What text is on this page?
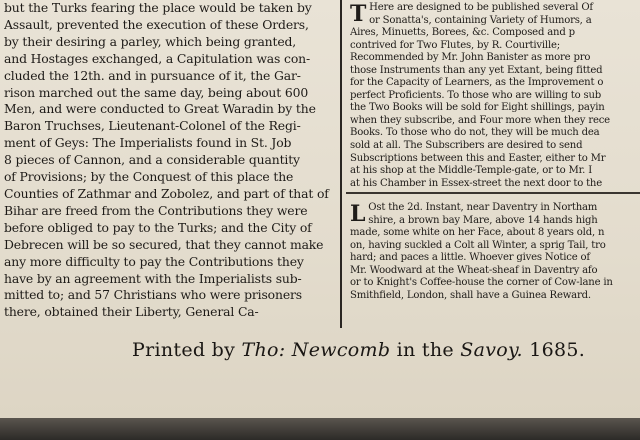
but the Turks fearing the place would be taken by
Assault, prevented the execution of these Orders,
by their desiring a parley, which being granted,
and Hostages exchanged, a Capitulation was con-
cluded the 12th. and in pursuance of it, the Gar-
rison marched out the same day, being about 600
Men, and were conducted to Great Waradin by the
Baron Truchses, Lieutenant-Colonel of the Regi-
ment of Geys: The Imperialists found in St. Job
8 pieces of Cannon, and a considerable quantity
of Provisions; by the Conquest of this place the
Counties of Zathmar and Zobolez, and part of that of
Bihar are freed from the Contributions they were
before obliged to pay to the Turks; and the City of
Debrecen will be so secured, that they cannot make
any more difficulty to pay the Contributions they
have by an agreement with the Imperialists sub-
mitted to; and 57 Christians who were prisoners
there, obtained their Liberty, General Ca-
T Here are designed to be published several Of
or Sonatta's, containing Variety of Humors, a
Aires, Minuetts, Borees, &c. Composed and p
contrived for Two Flutes, by R. Courtiville;
Recommended by Mr. John Banister as more pro
those Instruments than any yet Extant, being fitted
for the Capacity of Learners, as the Improvement o
perfect Proficients. To those who are willing to sub
the Two Books will be sold for Eight shillings, payin
when they subscribe, and Four more when they rece
Books. To those who do not, they will be much dea
sold at all. The Subscribers are desired to send
Subscriptions between this and Easter, either to Mr
at his shop at the Middle-Temple-gate, or to Mr. I
at his Chamber in Essex-street the next door to the
L Ost the 2d. Instant, near Daventry in Northam
shire, a brown bay Mare, above 14 hands high
made, some white on her Face, about 8 years old, n
on, having suckled a Colt all Winter, a sprig Tail, tro
hard; and paces a little. Whoever gives Notice of
Mr. Woodward at the Wheat-sheaf in Daventry afo
or to Knight's Coffee-house the corner of Cow-lane in
Smithfield, London, shall have a Guinea Reward.
Printed by Tho: Newcomb in the Savoy. 1685.
